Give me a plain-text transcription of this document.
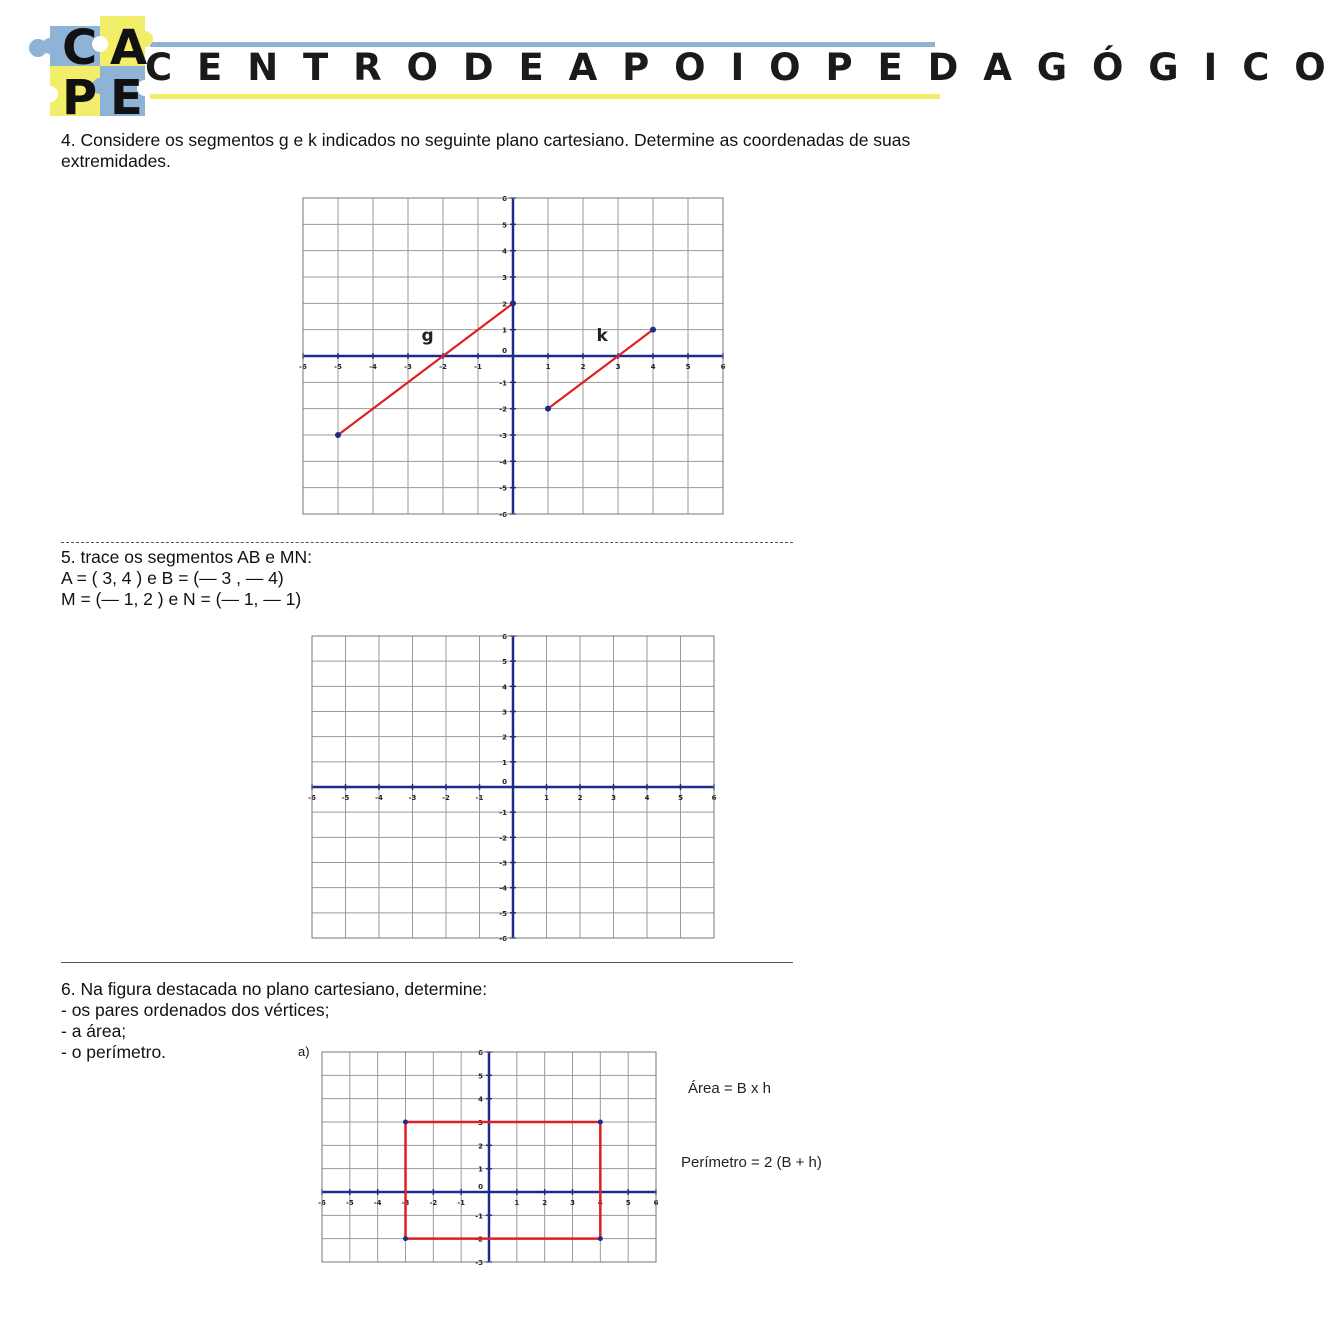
C A
P E
C E N T R O D E A P O I O P E D A G Ó G I C O
4. Considere os segmentos g e k indicados no seguinte plano cartesiano. Determine as coordenadas de suas
extremidades.
-6	-5	-4	-3	-2	-1	1	2	3	4	5	6
-6
-5
-4
-3
-2
-1
1
2
3
4
5
6
0
g	k
5. trace os segmentos AB e MN:
A = ( 3, 4 ) e B = (— 3 , — 4)
M = (— 1, 2 ) e N = (— 1, — 1)
-6	-5	-4	-3	-2	-1	1	2	3	4	5	6
-6
-5
-4
-3
-2
-1
1
2
3
4
5
6
0
6. Na figura destacada no plano cartesiano, determine:
- os pares ordenados dos vértices;
- a área;
- o perímetro.	a)
-6	-5	-4	-3	-2	-1	1	2	3	4	5	6
-3
-2
-1
1
2
3
4
5
6
0
Área = B x h
Perímetro = 2 (B + h)
